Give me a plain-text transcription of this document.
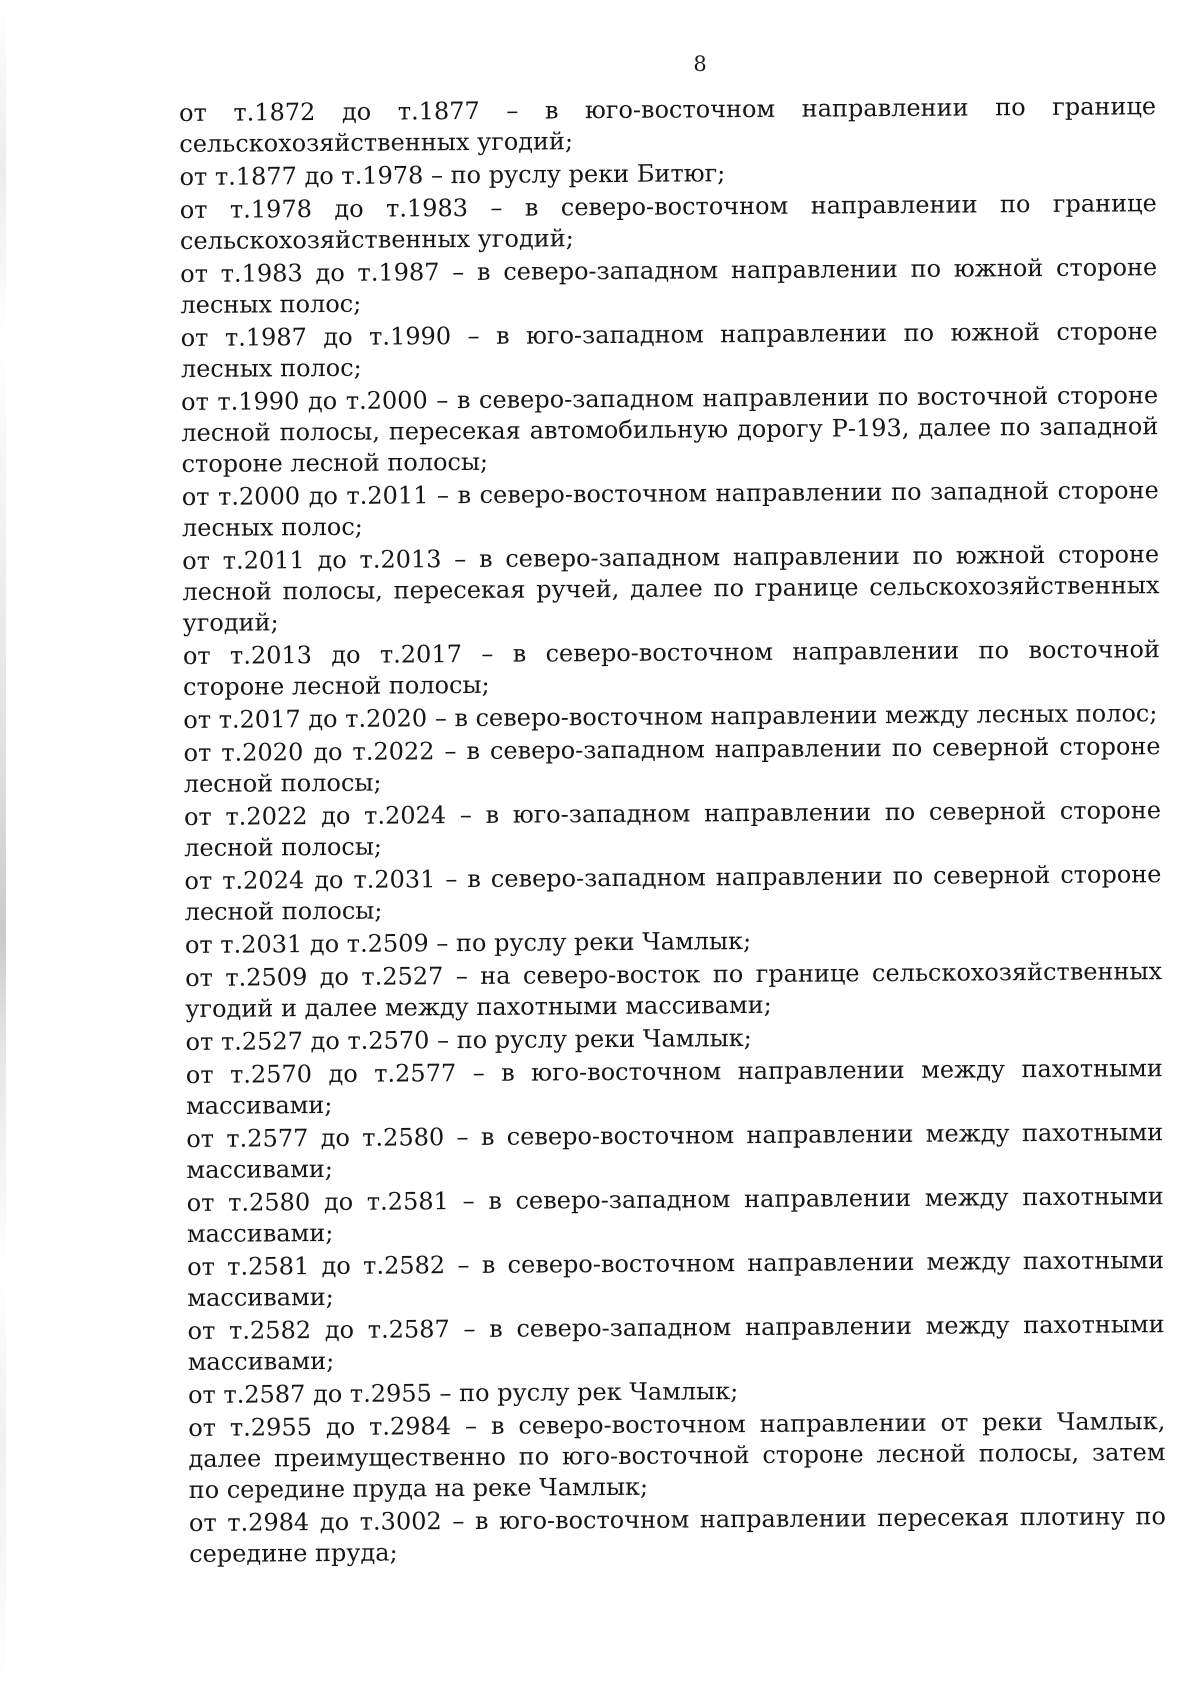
8

от т.1872 до т.1877 – в юго-восточном направлении по границе сельскохозяйственных угодий;

от т.1877 до т.1978 – по руслу реки Битюг;

от т.1978 до т.1983 – в северо-восточном направлении по границе сельскохозяйственных угодий;

от т.1983 до т.1987 – в северо-западном направлении по южной стороне лесных полос;

от т.1987 до т.1990 – в юго-западном направлении по южной стороне лесных полос;

от т.1990 до т.2000 – в северо-западном направлении по восточной стороне лесной полосы, пересекая автомобильную дорогу Р-193, далее по западной стороне лесной полосы;

от т.2000 до т.2011 – в северо-восточном направлении по западной стороне лесных полос;

от т.2011 до т.2013 – в северо-западном направлении по южной стороне лесной полосы, пересекая ручей, далее по границе сельскохозяйственных угодий;

от т.2013 до т.2017 – в северо-восточном направлении по восточной стороне лесной полосы;

от т.2017 до т.2020 – в северо-восточном направлении между лесных полос;

от т.2020 до т.2022 – в северо-западном направлении по северной стороне лесной полосы;

от т.2022 до т.2024 – в юго-западном направлении по северной стороне лесной полосы;

от т.2024 до т.2031 – в северо-западном направлении по северной стороне лесной полосы;

от т.2031 до т.2509 – по руслу реки Чамлык;

от т.2509 до т.2527 – на северо-восток по границе сельскохозяйственных угодий и далее между пахотными массивами;

от т.2527 до т.2570 – по руслу реки Чамлык;

от т.2570 до т.2577 – в юго-восточном направлении между пахотными массивами;

от т.2577 до т.2580 – в северо-восточном направлении между пахотными массивами;

от т.2580 до т.2581 – в северо-западном направлении между пахотными массивами;

от т.2581 до т.2582 – в северо-восточном направлении между пахотными массивами;

от т.2582 до т.2587 – в северо-западном направлении между пахотными массивами;

от т.2587 до т.2955 – по руслу рек Чамлык;

от т.2955 до т.2984 – в северо-восточном направлении от реки Чамлык, далее преимущественно по юго-восточной стороне лесной полосы, затем по середине пруда на реке Чамлык;

от т.2984 до т.3002 – в юго-восточном направлении пересекая плотину по середине пруда;
